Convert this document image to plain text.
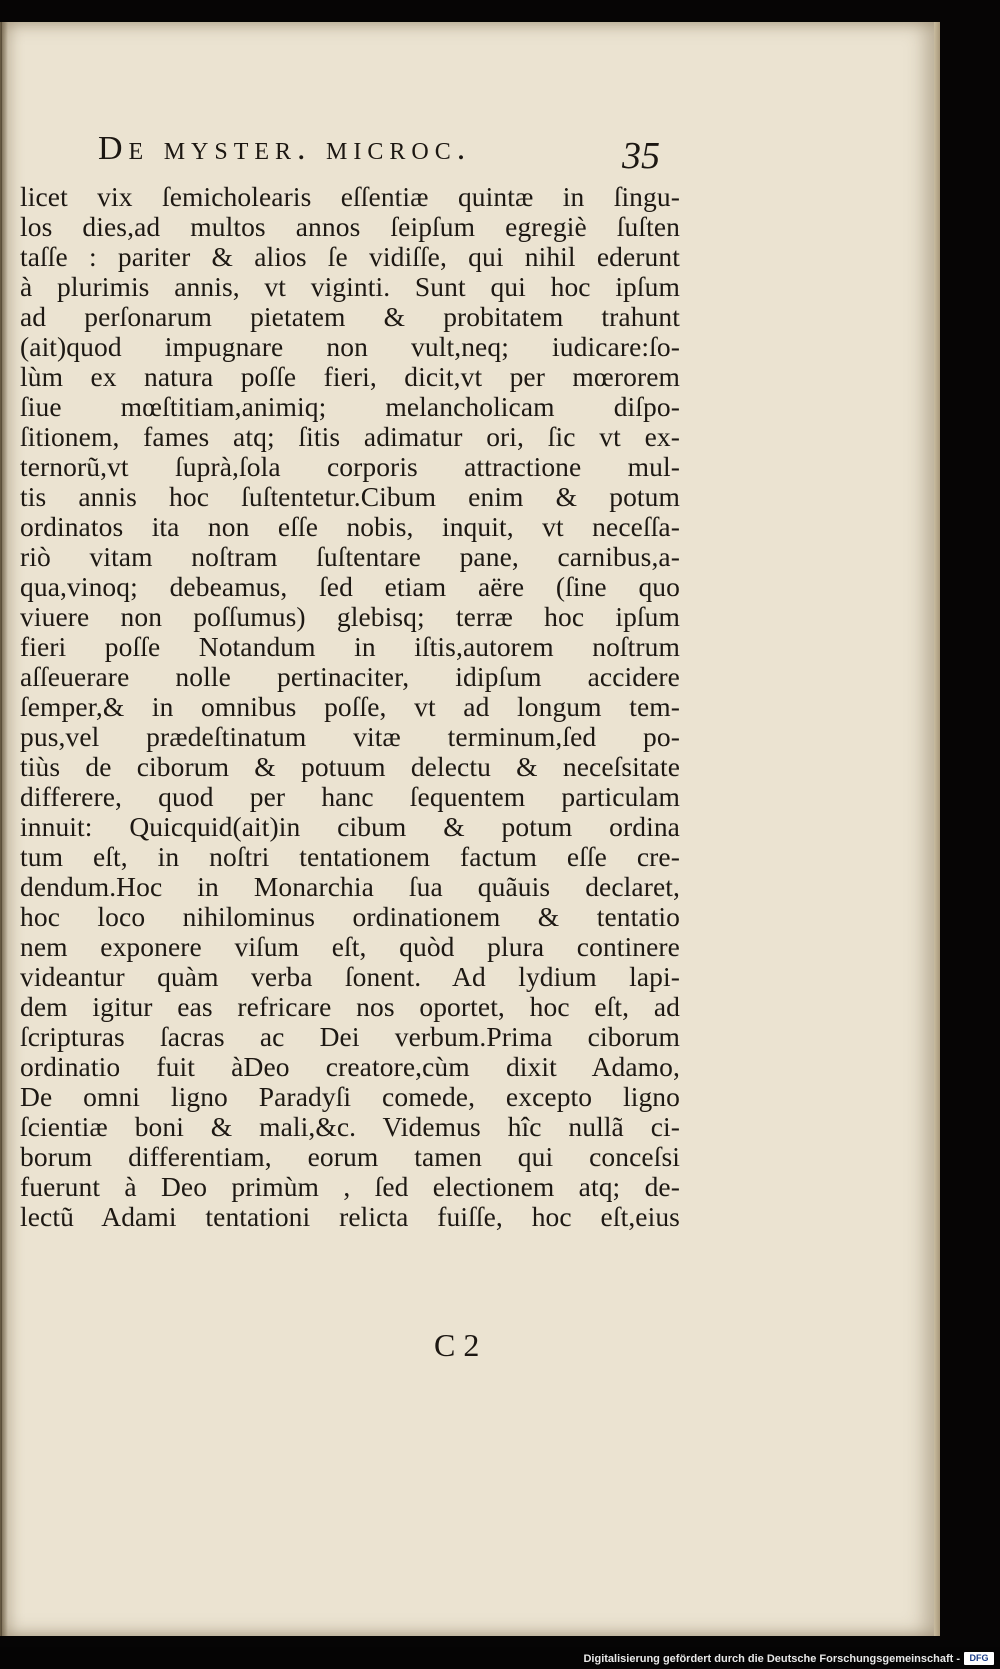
De myster. microc.	35
licet vix ſemicholearis eſſentiæ quintæ in ſingu-
los dies,ad multos annos ſeipſum egregiè ſuſten
taſſe : pariter & alios ſe vidiſſe, qui nihil ederunt
à plurimis annis, vt viginti. Sunt qui hoc ipſum
ad perſonarum pietatem & probitatem trahunt
(ait)quod impugnare non vult,neq; iudicare:ſo-
lùm ex natura poſſe fieri, dicit,vt per mœrorem
ſiue mœſtitiam,animiq; melancholicam diſpo-
ſitionem, fames atq; ſitis adimatur ori, ſic vt ex-
ternorũ,vt ſuprà,ſola corporis attractione mul-
tis annis hoc ſuſtentetur.Cibum enim & potum
ordinatos ita non eſſe nobis, inquit, vt neceſſa-
riò vitam noſtram ſuſtentare pane, carnibus,a-
qua,vinoq; debeamus, ſed etiam aëre (ſine quo
viuere non poſſumus) glebisq; terræ hoc ipſum
fieri poſſe Notandum in iſtis,autorem noſtrum
aſſeuerare nolle pertinaciter, idipſum accidere
ſemper,& in omnibus poſſe, vt ad longum tem-
pus,vel prædeſtinatum vitæ terminum,ſed po-
tiùs de ciborum & potuum delectu & neceſsitate
differere, quod per hanc ſequentem particulam
innuit: Quicquid(ait)in cibum & potum ordina
tum eſt, in noſtri tentationem factum eſſe cre-
dendum.Hoc in Monarchia ſua quãuis declaret,
hoc loco nihilominus ordinationem & tentatio
nem exponere viſum eſt, quòd plura continere
videantur quàm verba ſonent. Ad lydium lapi-
dem igitur eas refricare nos oportet, hoc eſt, ad
ſcripturas ſacras ac Dei verbum.Prima ciborum
ordinatio fuit àDeo creatore,cùm dixit Adamo,
De omni ligno Paradyſi comede, excepto ligno
ſcientiæ boni & mali,&c. Videmus hîc nullã ci-
borum differentiam, eorum tamen qui conceſsi
fuerunt à Deo primùm , ſed electionem atq; de-
lectũ Adami tentationi relicta fuiſſe, hoc eſt,eius
C 2
Digitalisierung gefördert durch die Deutsche Forschungsgemeinschaft -	DFG
